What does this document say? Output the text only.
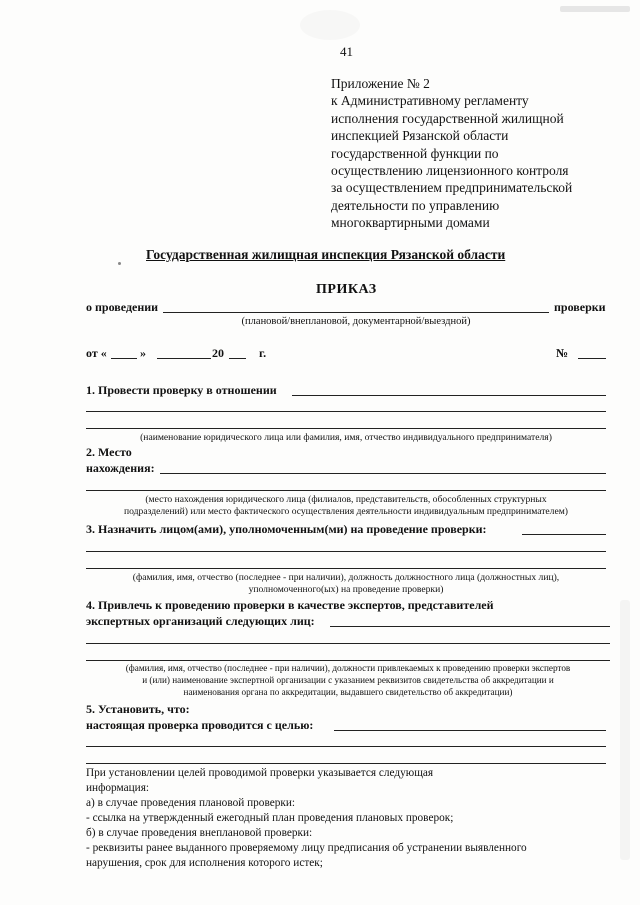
41
Приложение № 2
к Административному регламенту
исполнения государственной жилищной
инспекцией Рязанской области
государственной функции по
осуществлению лицензионного контроля
за осуществлением предпринимательской
деятельности по управлению
многоквартирными домами
Государственная жилищная инспекция Рязанской области
ПРИКАЗ
о проведении	проверки
(плановой/внеплановой, документарной/выездной)
от «	»	20	г.	№
1. Провести проверку в отношении
(наименование юридического лица или фамилия, имя, отчество индивидуального предпринимателя)
2. Место
нахождения:
(место нахождения юридического лица (филиалов, представительств, обособленных структурных
подразделений) или место фактического осуществления деятельности индивидуальным предпринимателем)
3. Назначить лицом(ами), уполномоченным(ми) на проведение проверки:
(фамилия, имя, отчество (последнее - при наличии), должность должностного лица (должностных лиц),
уполномоченного(ых) на проведение проверки)
4. Привлечь к проведению проверки в качестве экспертов, представителей
экспертных организаций следующих лиц:
(фамилия, имя, отчество (последнее - при наличии), должности привлекаемых к проведению проверки экспертов
и (или) наименование экспертной организации с указанием реквизитов свидетельства об аккредитации и
наименования органа по аккредитации, выдавшего свидетельство об аккредитации)
5. Установить, что:
настоящая проверка проводится с целью:
При установлении целей проводимой проверки указывается следующая
информация:
а) в случае проведения плановой проверки:
- ссылка на утвержденный ежегодный план проведения плановых проверок;
б) в случае проведения внеплановой проверки:
- реквизиты ранее выданного проверяемому лицу предписания об устранении выявленного
нарушения, срок для исполнения которого истек;
